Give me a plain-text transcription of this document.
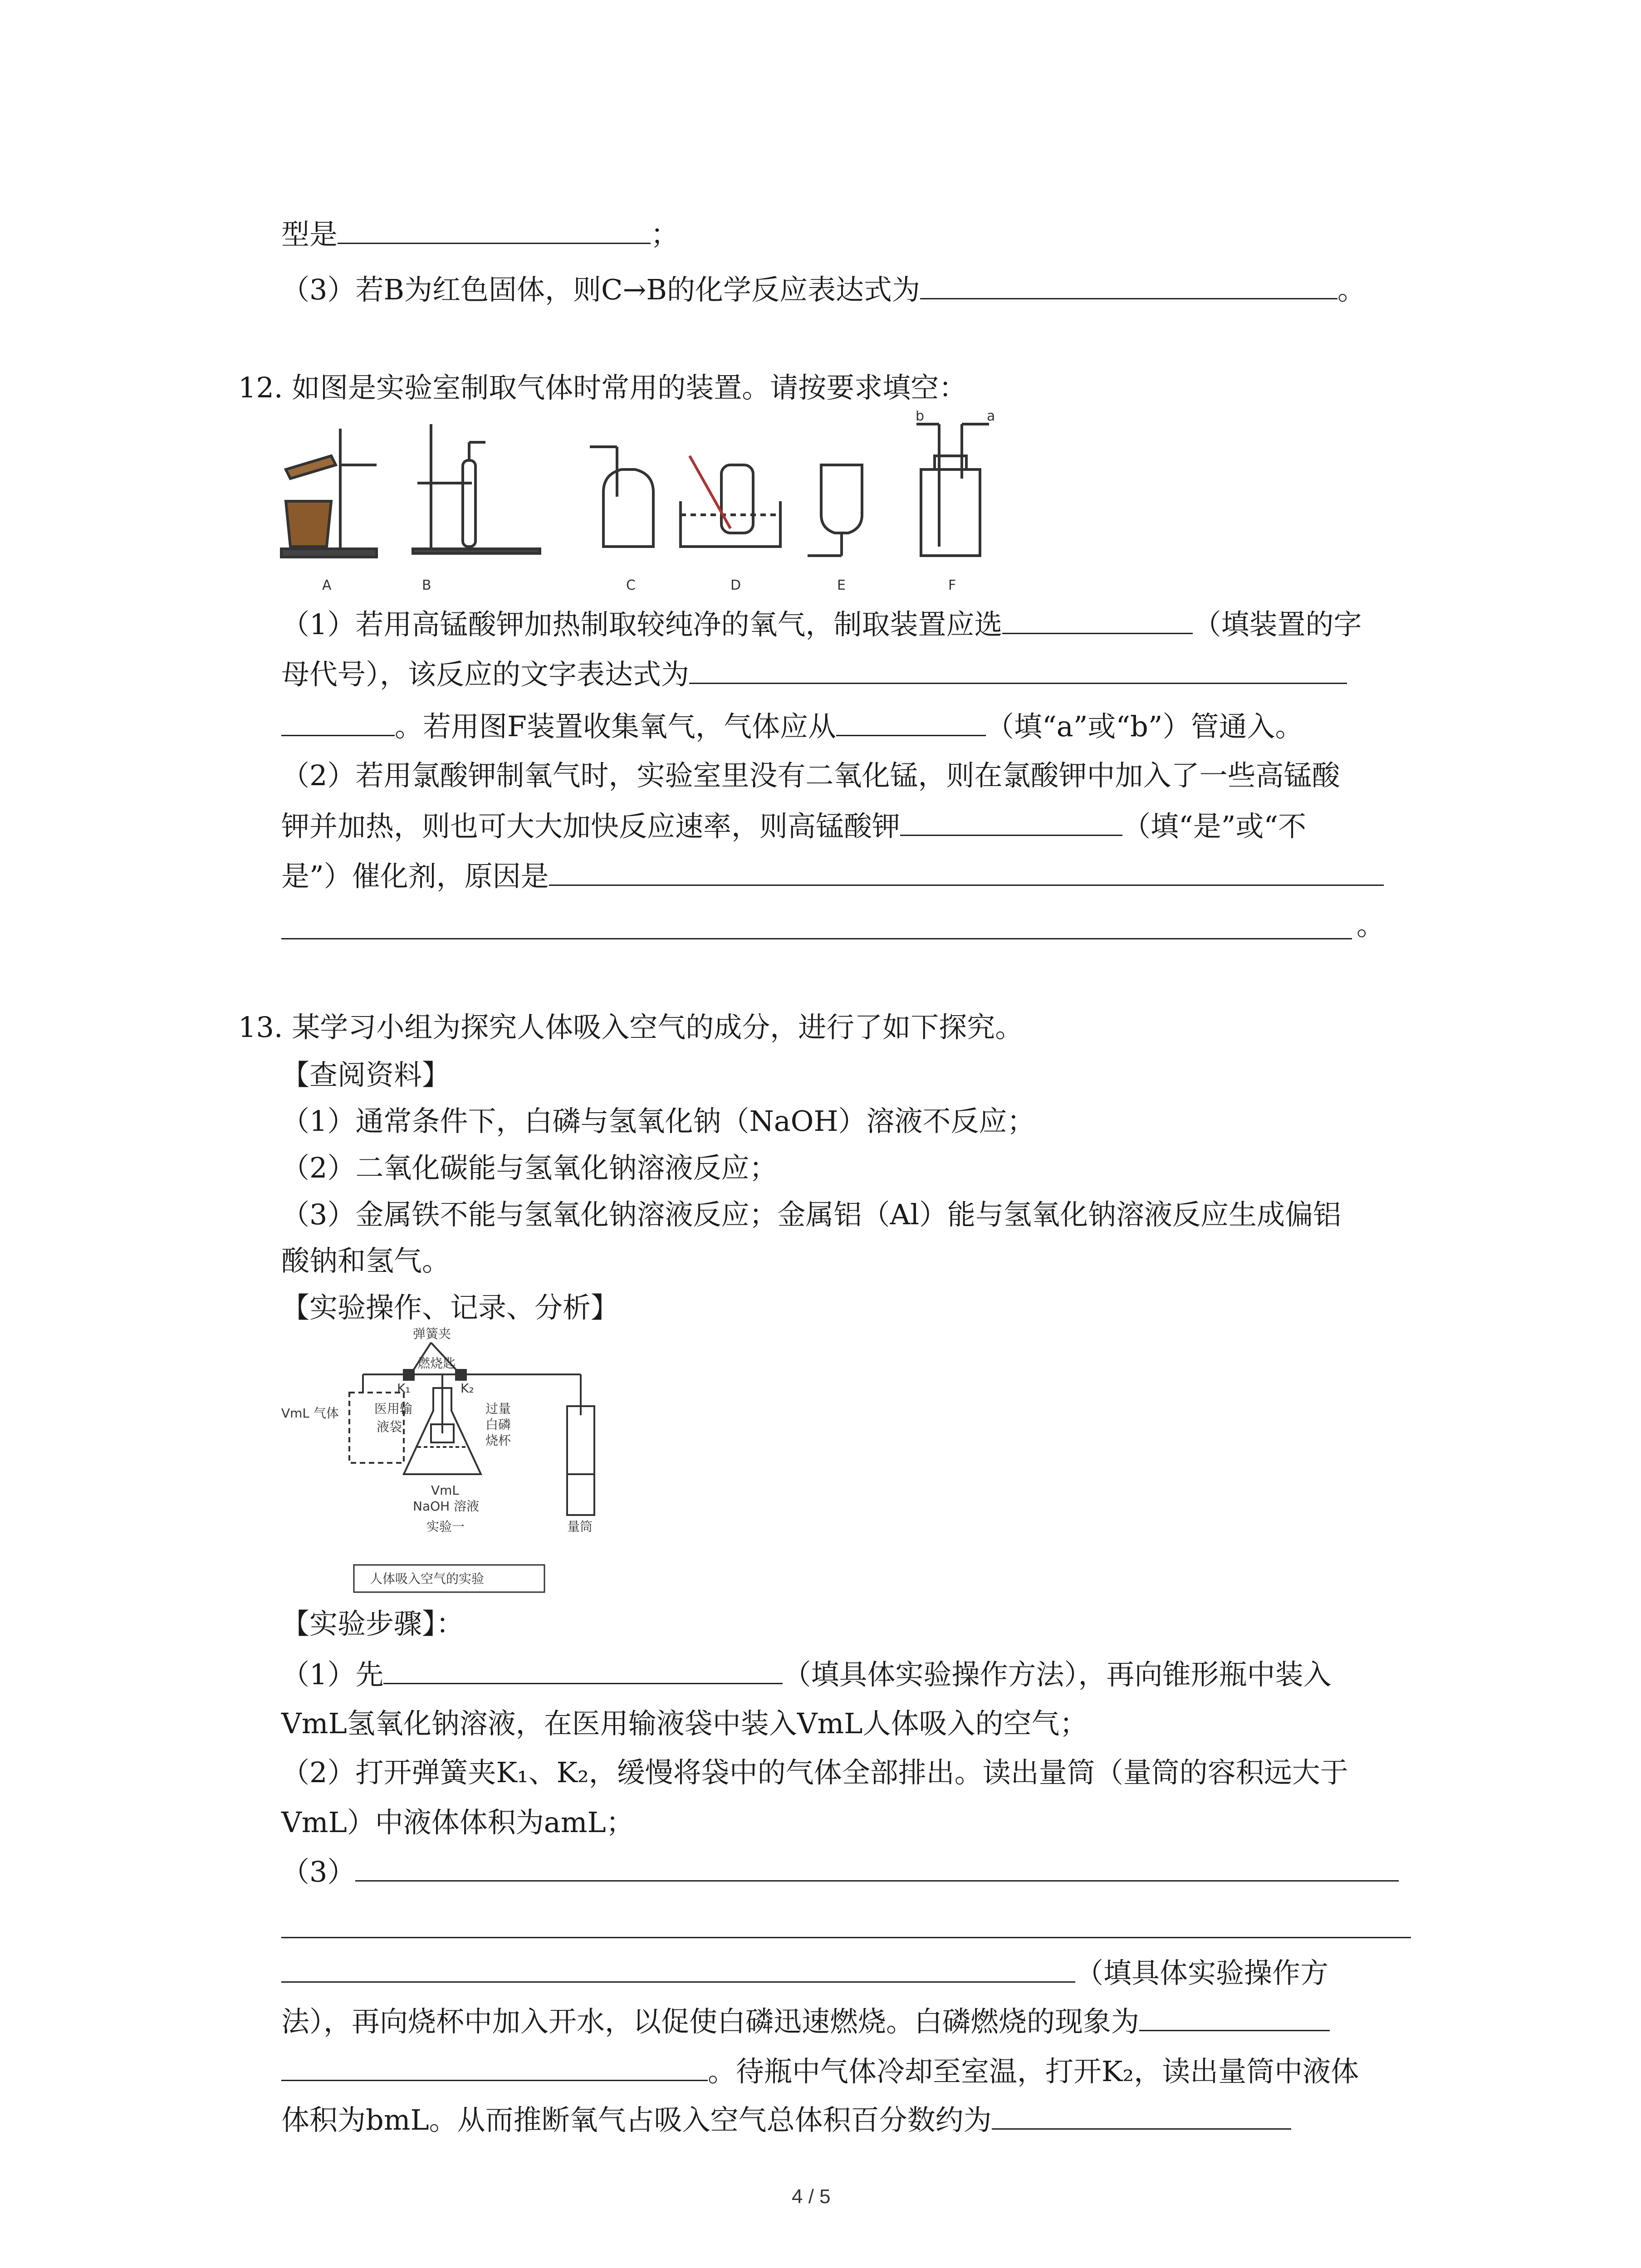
型是	；
（3）若B为红色固体，则C→B的化学反应表达式为	。
12. 如图是实验室制取气体时常用的装置。请按要求填空：
A	B	C	D	E	F
b	a
（1）若用高锰酸钾加热制取较纯净的氧气，制取装置应选	（填装置的字
母代号），该反应的文字表达式为
。若用图F装置收集氧气，气体应从	（填“a”或“b”）管通入。
（2）若用氯酸钾制氧气时，实验室里没有二氧化锰，则在氯酸钾中加入了一些高锰酸
钾并加热，则也可大大加快反应速率，则高锰酸钾	（填“是”或“不
是”）催化剂，原因是
。
13. 某学习小组为探究人体吸入空气的成分，进行了如下探究。
【查阅资料】
（1）通常条件下，白磷与氢氧化钠（NaOH）溶液不反应；
（2）二氧化碳能与氢氧化钠溶液反应；
（3）金属铁不能与氢氧化钠溶液反应；金属铝（Al）能与氢氧化钠溶液反应生成偏铝
酸钠和氢气。
【实验操作、记录、分析】
弹簧夹
燃烧匙
K₁	K₂
VmL 气体	医用输
液袋
过量
白磷
烧杯
VmL
NaOH 溶液
量筒
实验一
人体吸入空气的实验
【实验步骤】：
（1）先	（填具体实验操作方法），再向锥形瓶中装入
VmL氢氧化钠溶液，在医用输液袋中装入VmL人体吸入的空气；
（2）打开弹簧夹K₁、K₂，缓慢将袋中的气体全部排出。读出量筒（量筒的容积远大于
VmL）中液体体积为amL；
（3）
（填具体实验操作方
法），再向烧杯中加入开水，以促使白磷迅速燃烧。白磷燃烧的现象为
。待瓶中气体冷却至室温，打开K₂，读出量筒中液体
体积为bmL。从而推断氧气占吸入空气总体积百分数约为
4 / 5
